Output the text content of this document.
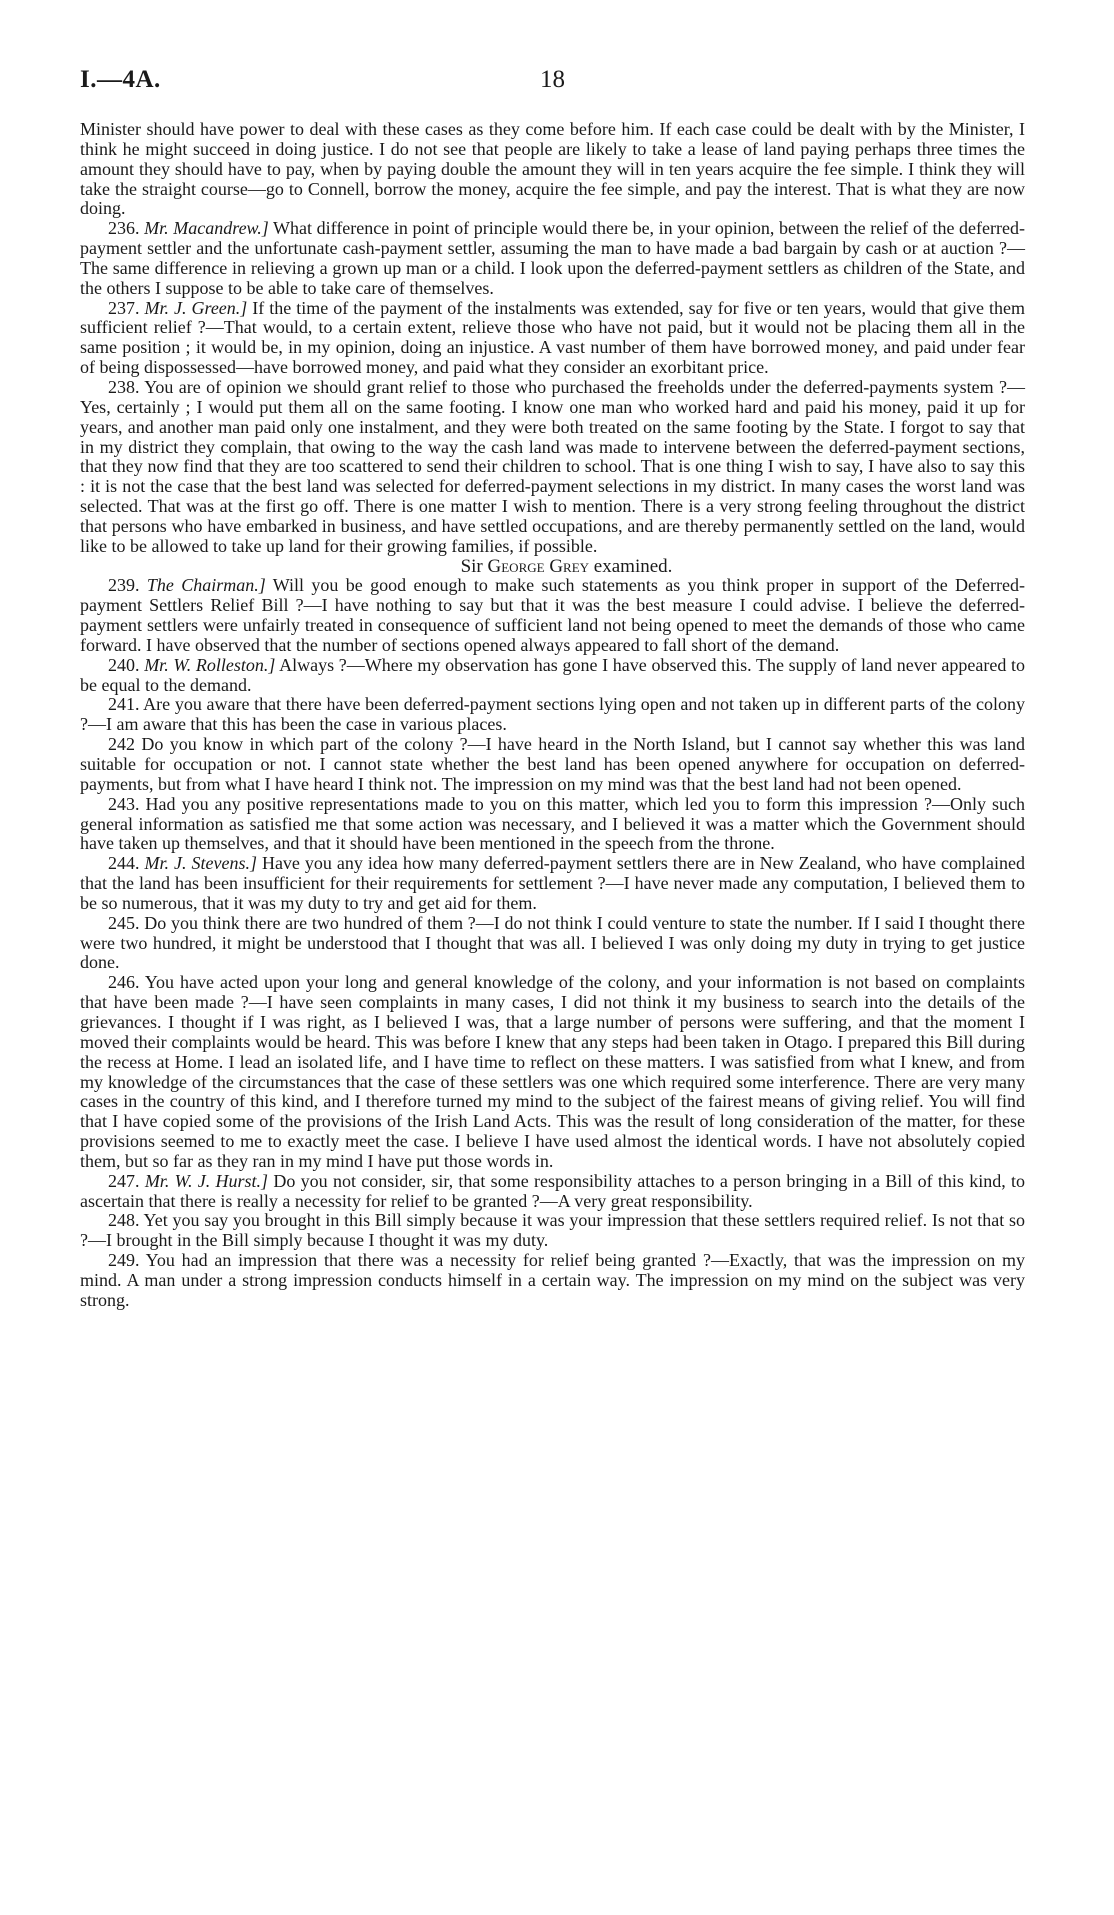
I.—4A.	18

Minister should have power to deal with these cases as they come before him. If each case could be dealt with by the Minister, I think he might succeed in doing justice. I do not see that people are likely to take a lease of land paying perhaps three times the amount they should have to pay, when by paying double the amount they will in ten years acquire the fee simple. I think they will take the straight course—go to Connell, borrow the money, acquire the fee simple, and pay the interest. That is what they are now doing.

236. Mr. Macandrew.] What difference in point of principle would there be, in your opinion, between the relief of the deferred-payment settler and the unfortunate cash-payment settler, assuming the man to have made a bad bargain by cash or at auction ?—The same difference in relieving a grown up man or a child. I look upon the deferred-payment settlers as children of the State, and the others I suppose to be able to take care of themselves.

237. Mr. J. Green.] If the time of the payment of the instalments was extended, say for five or ten years, would that give them sufficient relief ?—That would, to a certain extent, relieve those who have not paid, but it would not be placing them all in the same position ; it would be, in my opinion, doing an injustice. A vast number of them have borrowed money, and paid under fear of being dispossessed—have borrowed money, and paid what they consider an exorbitant price.

238. You are of opinion we should grant relief to those who purchased the freeholds under the deferred-payments system ?—Yes, certainly ; I would put them all on the same footing. I know one man who worked hard and paid his money, paid it up for years, and another man paid only one instalment, and they were both treated on the same footing by the State. I forgot to say that in my district they complain, that owing to the way the cash land was made to intervene between the deferred-payment sections, that they now find that they are too scattered to send their children to school. That is one thing I wish to say, I have also to say this : it is not the case that the best land was selected for deferred-payment selections in my district. In many cases the worst land was selected. That was at the first go off. There is one matter I wish to mention. There is a very strong feeling throughout the district that persons who have embarked in business, and have settled occupations, and are thereby permanently settled on the land, would like to be allowed to take up land for their growing families, if possible.

Sir George Grey examined.

239. The Chairman.] Will you be good enough to make such statements as you think proper in support of the Deferred-payment Settlers Relief Bill ?—I have nothing to say but that it was the best measure I could advise. I believe the deferred-payment settlers were unfairly treated in consequence of sufficient land not being opened to meet the demands of those who came forward. I have observed that the number of sections opened always appeared to fall short of the demand.

240. Mr. W. Rolleston.] Always ?—Where my observation has gone I have observed this. The supply of land never appeared to be equal to the demand.

241. Are you aware that there have been deferred-payment sections lying open and not taken up in different parts of the colony ?—I am aware that this has been the case in various places.

242 Do you know in which part of the colony ?—I have heard in the North Island, but I cannot say whether this was land suitable for occupation or not. I cannot state whether the best land has been opened anywhere for occupation on deferred-payments, but from what I have heard I think not. The impression on my mind was that the best land had not been opened.

243. Had you any positive representations made to you on this matter, which led you to form this impression ?—Only such general information as satisfied me that some action was necessary, and I believed it was a matter which the Government should have taken up themselves, and that it should have been mentioned in the speech from the throne.

244. Mr. J. Stevens.] Have you any idea how many deferred-payment settlers there are in New Zealand, who have complained that the land has been insufficient for their requirements for settlement ?—I have never made any computation, I believed them to be so numerous, that it was my duty to try and get aid for them.

245. Do you think there are two hundred of them ?—I do not think I could venture to state the number. If I said I thought there were two hundred, it might be understood that I thought that was all. I believed I was only doing my duty in trying to get justice done.

246. You have acted upon your long and general knowledge of the colony, and your information is not based on complaints that have been made ?—I have seen complaints in many cases, I did not think it my business to search into the details of the grievances. I thought if I was right, as I believed I was, that a large number of persons were suffering, and that the moment I moved their complaints would be heard. This was before I knew that any steps had been taken in Otago. I prepared this Bill during the recess at Home. I lead an isolated life, and I have time to reflect on these matters. I was satisfied from what I knew, and from my knowledge of the circumstances that the case of these settlers was one which required some interference. There are very many cases in the country of this kind, and I therefore turned my mind to the subject of the fairest means of giving relief. You will find that I have copied some of the provisions of the Irish Land Acts. This was the result of long consideration of the matter, for these provisions seemed to me to exactly meet the case. I believe I have used almost the identical words. I have not absolutely copied them, but so far as they ran in my mind I have put those words in.

247. Mr. W. J. Hurst.] Do you not consider, sir, that some responsibility attaches to a person bringing in a Bill of this kind, to ascertain that there is really a necessity for relief to be granted ?—A very great responsibility.

248. Yet you say you brought in this Bill simply because it was your impression that these settlers required relief. Is not that so ?—I brought in the Bill simply because I thought it was my duty.

249. You had an impression that there was a necessity for relief being granted ?—Exactly, that was the impression on my mind. A man under a strong impression conducts himself in a certain way. The impression on my mind on the subject was very strong.
